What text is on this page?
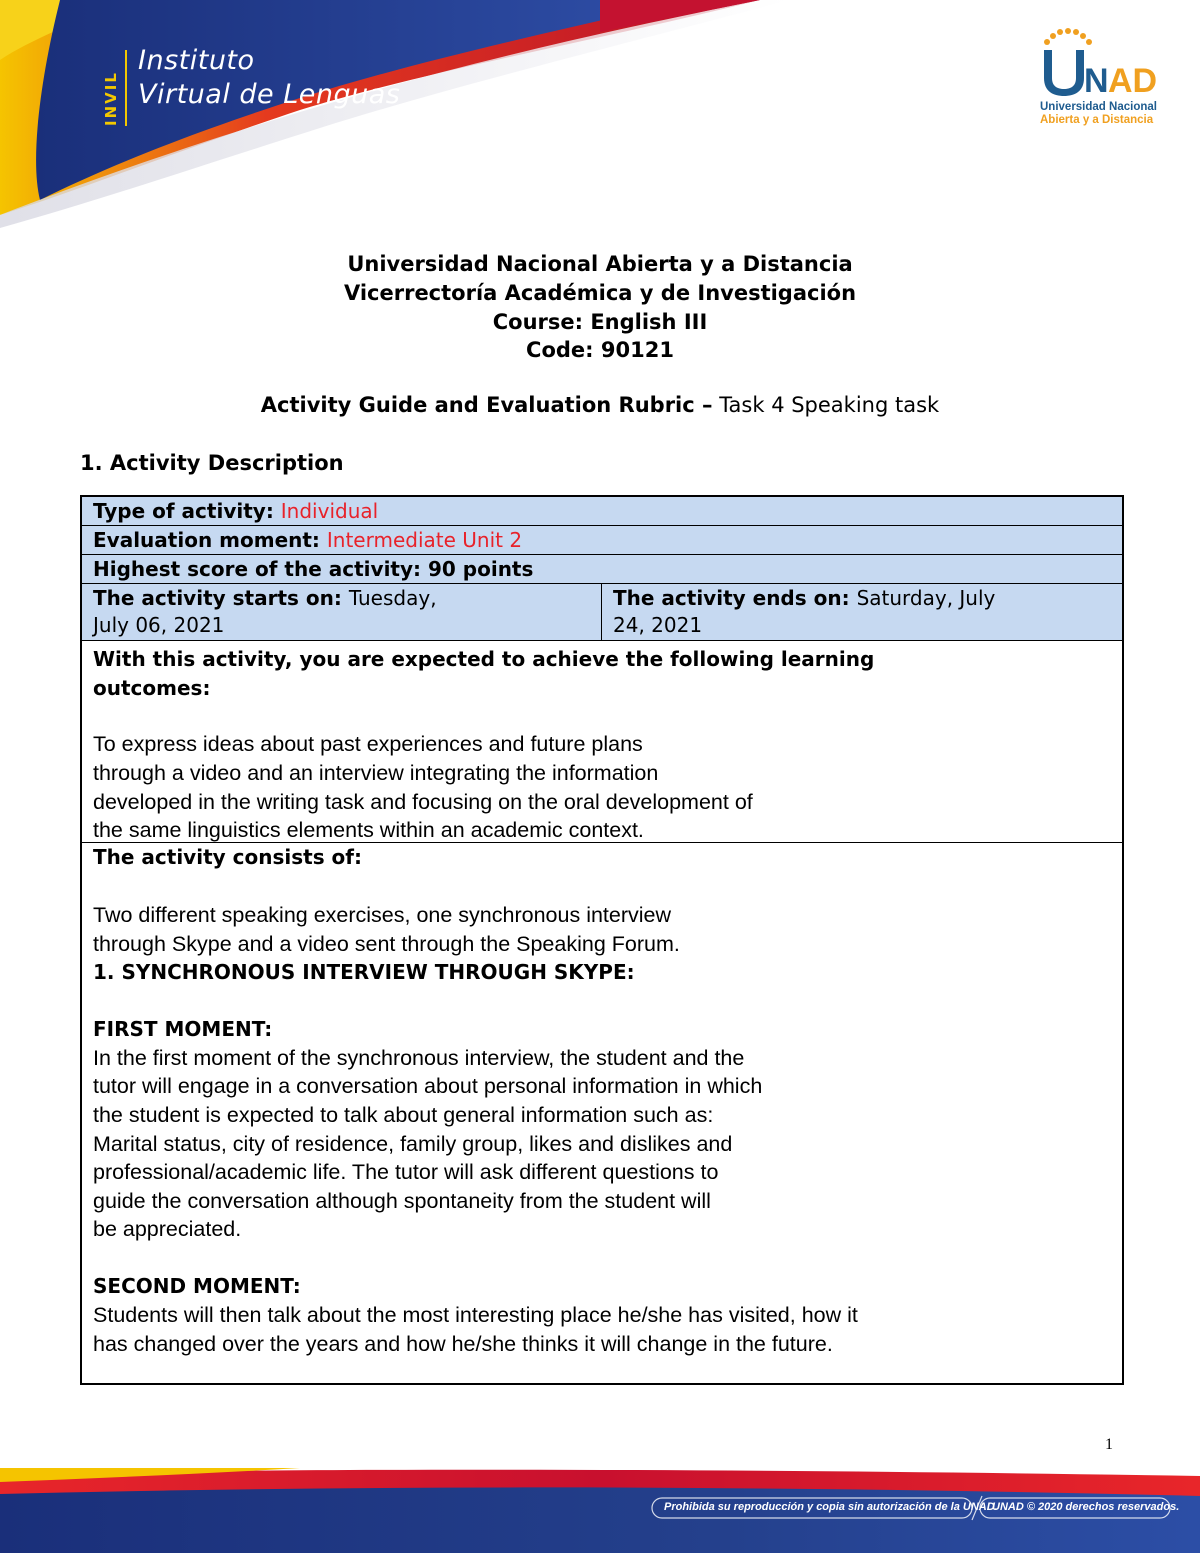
INVIL
Instituto
Virtual de Lenguas	N AD
Universidad Nacional
Abierta y a Distancia
Universidad Nacional Abierta y a Distancia
Vicerrectoría Académica y de Investigación
Course: English III
Code: 90121
Activity Guide and Evaluation Rubric – Task 4 Speaking task
1. Activity Description
Type of activity: Individual
Evaluation moment: Intermediate Unit 2
Highest score of the activity: 90 points
The activity starts on: Tuesday,
July 06, 2021
The activity ends on: Saturday, July
24, 2021
With this activity, you are expected to achieve the following learning
outcomes:
To express ideas about past experiences and future plans
through a video and an interview integrating the information
developed in the writing task and focusing on the oral development of
the same linguistics elements within an academic context.
The activity consists of:
Two different speaking exercises, one synchronous interview
through Skype and a video sent through the Speaking Forum.
1. SYNCHRONOUS INTERVIEW THROUGH SKYPE:
FIRST MOMENT:
In the first moment of the synchronous interview, the student and the
tutor will engage in a conversation about personal information in which
the student is expected to talk about general information such as:
Marital status, city of residence, family group, likes and dislikes and
professional/academic life. The tutor will ask different questions to
guide the conversation although spontaneity from the student will
be appreciated.
SECOND MOMENT:
Students will then talk about the most interesting place he/she has visited, how it
has changed over the years and how he/she thinks it will change in the future.
1
Prohibida su reproducción y copia sin autorización de la UNAD.
UNAD © 2020 derechos reservados.
